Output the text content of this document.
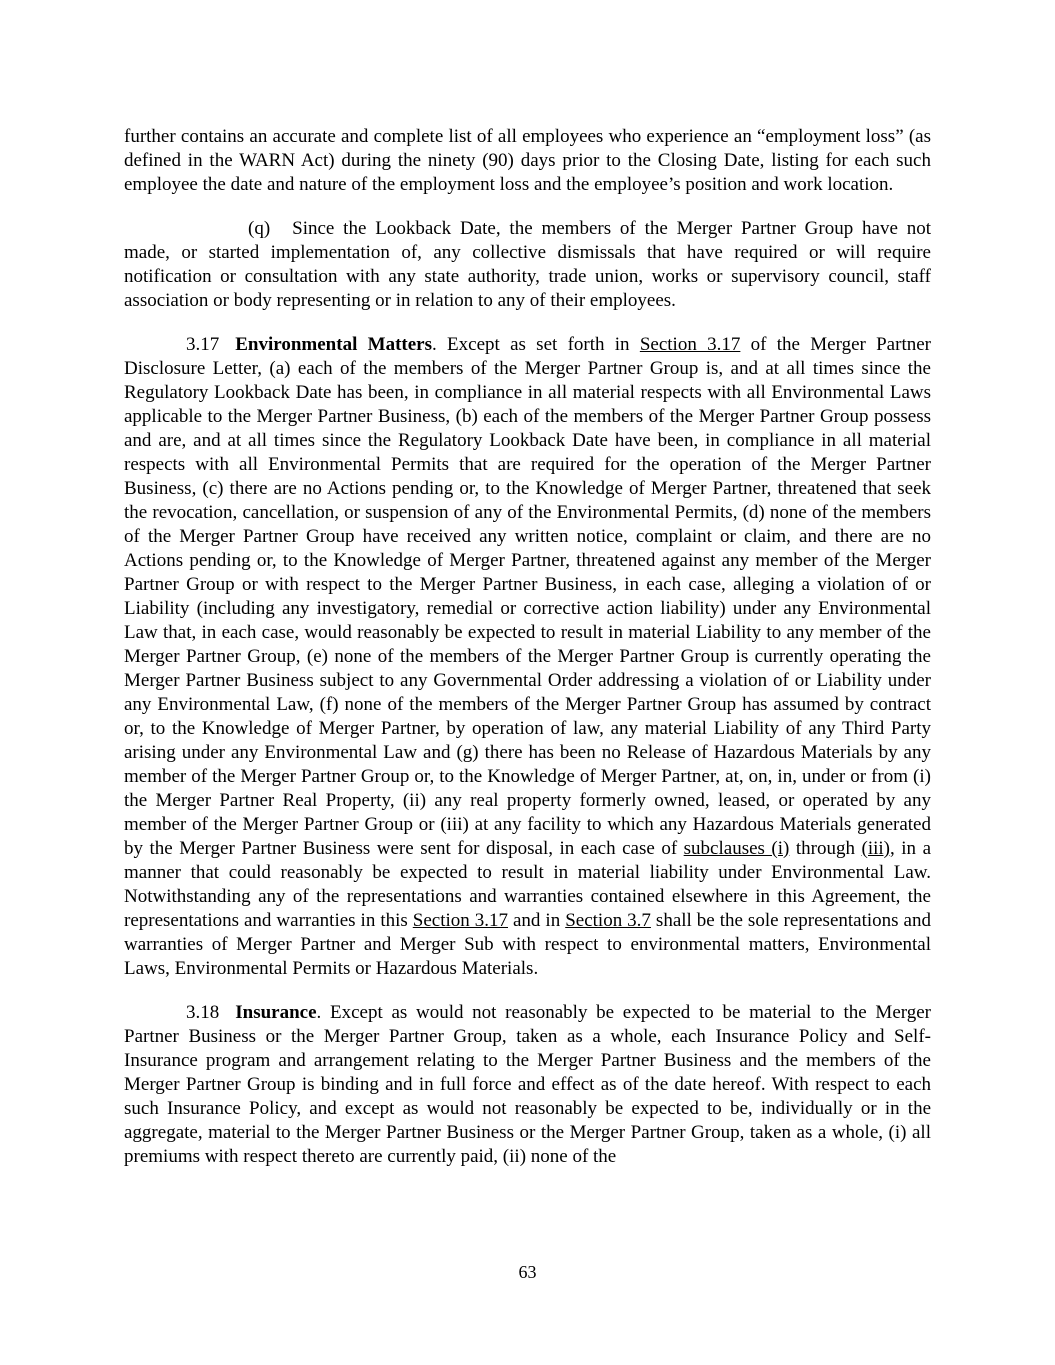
further contains an accurate and complete list of all employees who experience an “employment loss” (as defined in the WARN Act) during the ninety (90) days prior to the Closing Date, listing for each such employee the date and nature of the employment loss and the employee’s position and work location.

(q) Since the Lookback Date, the members of the Merger Partner Group have not made, or started implementation of, any collective dismissals that have required or will require notification or consultation with any state authority, trade union, works or supervisory council, staff association or body representing or in relation to any of their employees.

3.17 Environmental Matters. Except as set forth in Section 3.17 of the Merger Partner Disclosure Letter, (a) each of the members of the Merger Partner Group is, and at all times since the Regulatory Lookback Date has been, in compliance in all material respects with all Environmental Laws applicable to the Merger Partner Business, (b) each of the members of the Merger Partner Group possess and are, and at all times since the Regulatory Lookback Date have been, in compliance in all material respects with all Environmental Permits that are required for the operation of the Merger Partner Business, (c) there are no Actions pending or, to the Knowledge of Merger Partner, threatened that seek the revocation, cancellation, or suspension of any of the Environmental Permits, (d) none of the members of the Merger Partner Group have received any written notice, complaint or claim, and there are no Actions pending or, to the Knowledge of Merger Partner, threatened against any member of the Merger Partner Group or with respect to the Merger Partner Business, in each case, alleging a violation of or Liability (including any investigatory, remedial or corrective action liability) under any Environmental Law that, in each case, would reasonably be expected to result in material Liability to any member of the Merger Partner Group, (e) none of the members of the Merger Partner Group is currently operating the Merger Partner Business subject to any Governmental Order addressing a violation of or Liability under any Environmental Law, (f) none of the members of the Merger Partner Group has assumed by contract or, to the Knowledge of Merger Partner, by operation of law, any material Liability of any Third Party arising under any Environmental Law and (g) there has been no Release of Hazardous Materials by any member of the Merger Partner Group or, to the Knowledge of Merger Partner, at, on, in, under or from (i) the Merger Partner Real Property, (ii) any real property formerly owned, leased, or operated by any member of the Merger Partner Group or (iii) at any facility to which any Hazardous Materials generated by the Merger Partner Business were sent for disposal, in each case of subclauses (i) through (iii), in a manner that could reasonably be expected to result in material liability under Environmental Law. Notwithstanding any of the representations and warranties contained elsewhere in this Agreement, the representations and warranties in this Section 3.17 and in Section 3.7 shall be the sole representations and warranties of Merger Partner and Merger Sub with respect to environmental matters, Environmental Laws, Environmental Permits or Hazardous Materials.

3.18 Insurance. Except as would not reasonably be expected to be material to the Merger Partner Business or the Merger Partner Group, taken as a whole, each Insurance Policy and Self-Insurance program and arrangement relating to the Merger Partner Business and the members of the Merger Partner Group is binding and in full force and effect as of the date hereof. With respect to each such Insurance Policy, and except as would not reasonably be expected to be, individually or in the aggregate, material to the Merger Partner Business or the Merger Partner Group, taken as a whole, (i) all premiums with respect thereto are currently paid, (ii) none of the

63
